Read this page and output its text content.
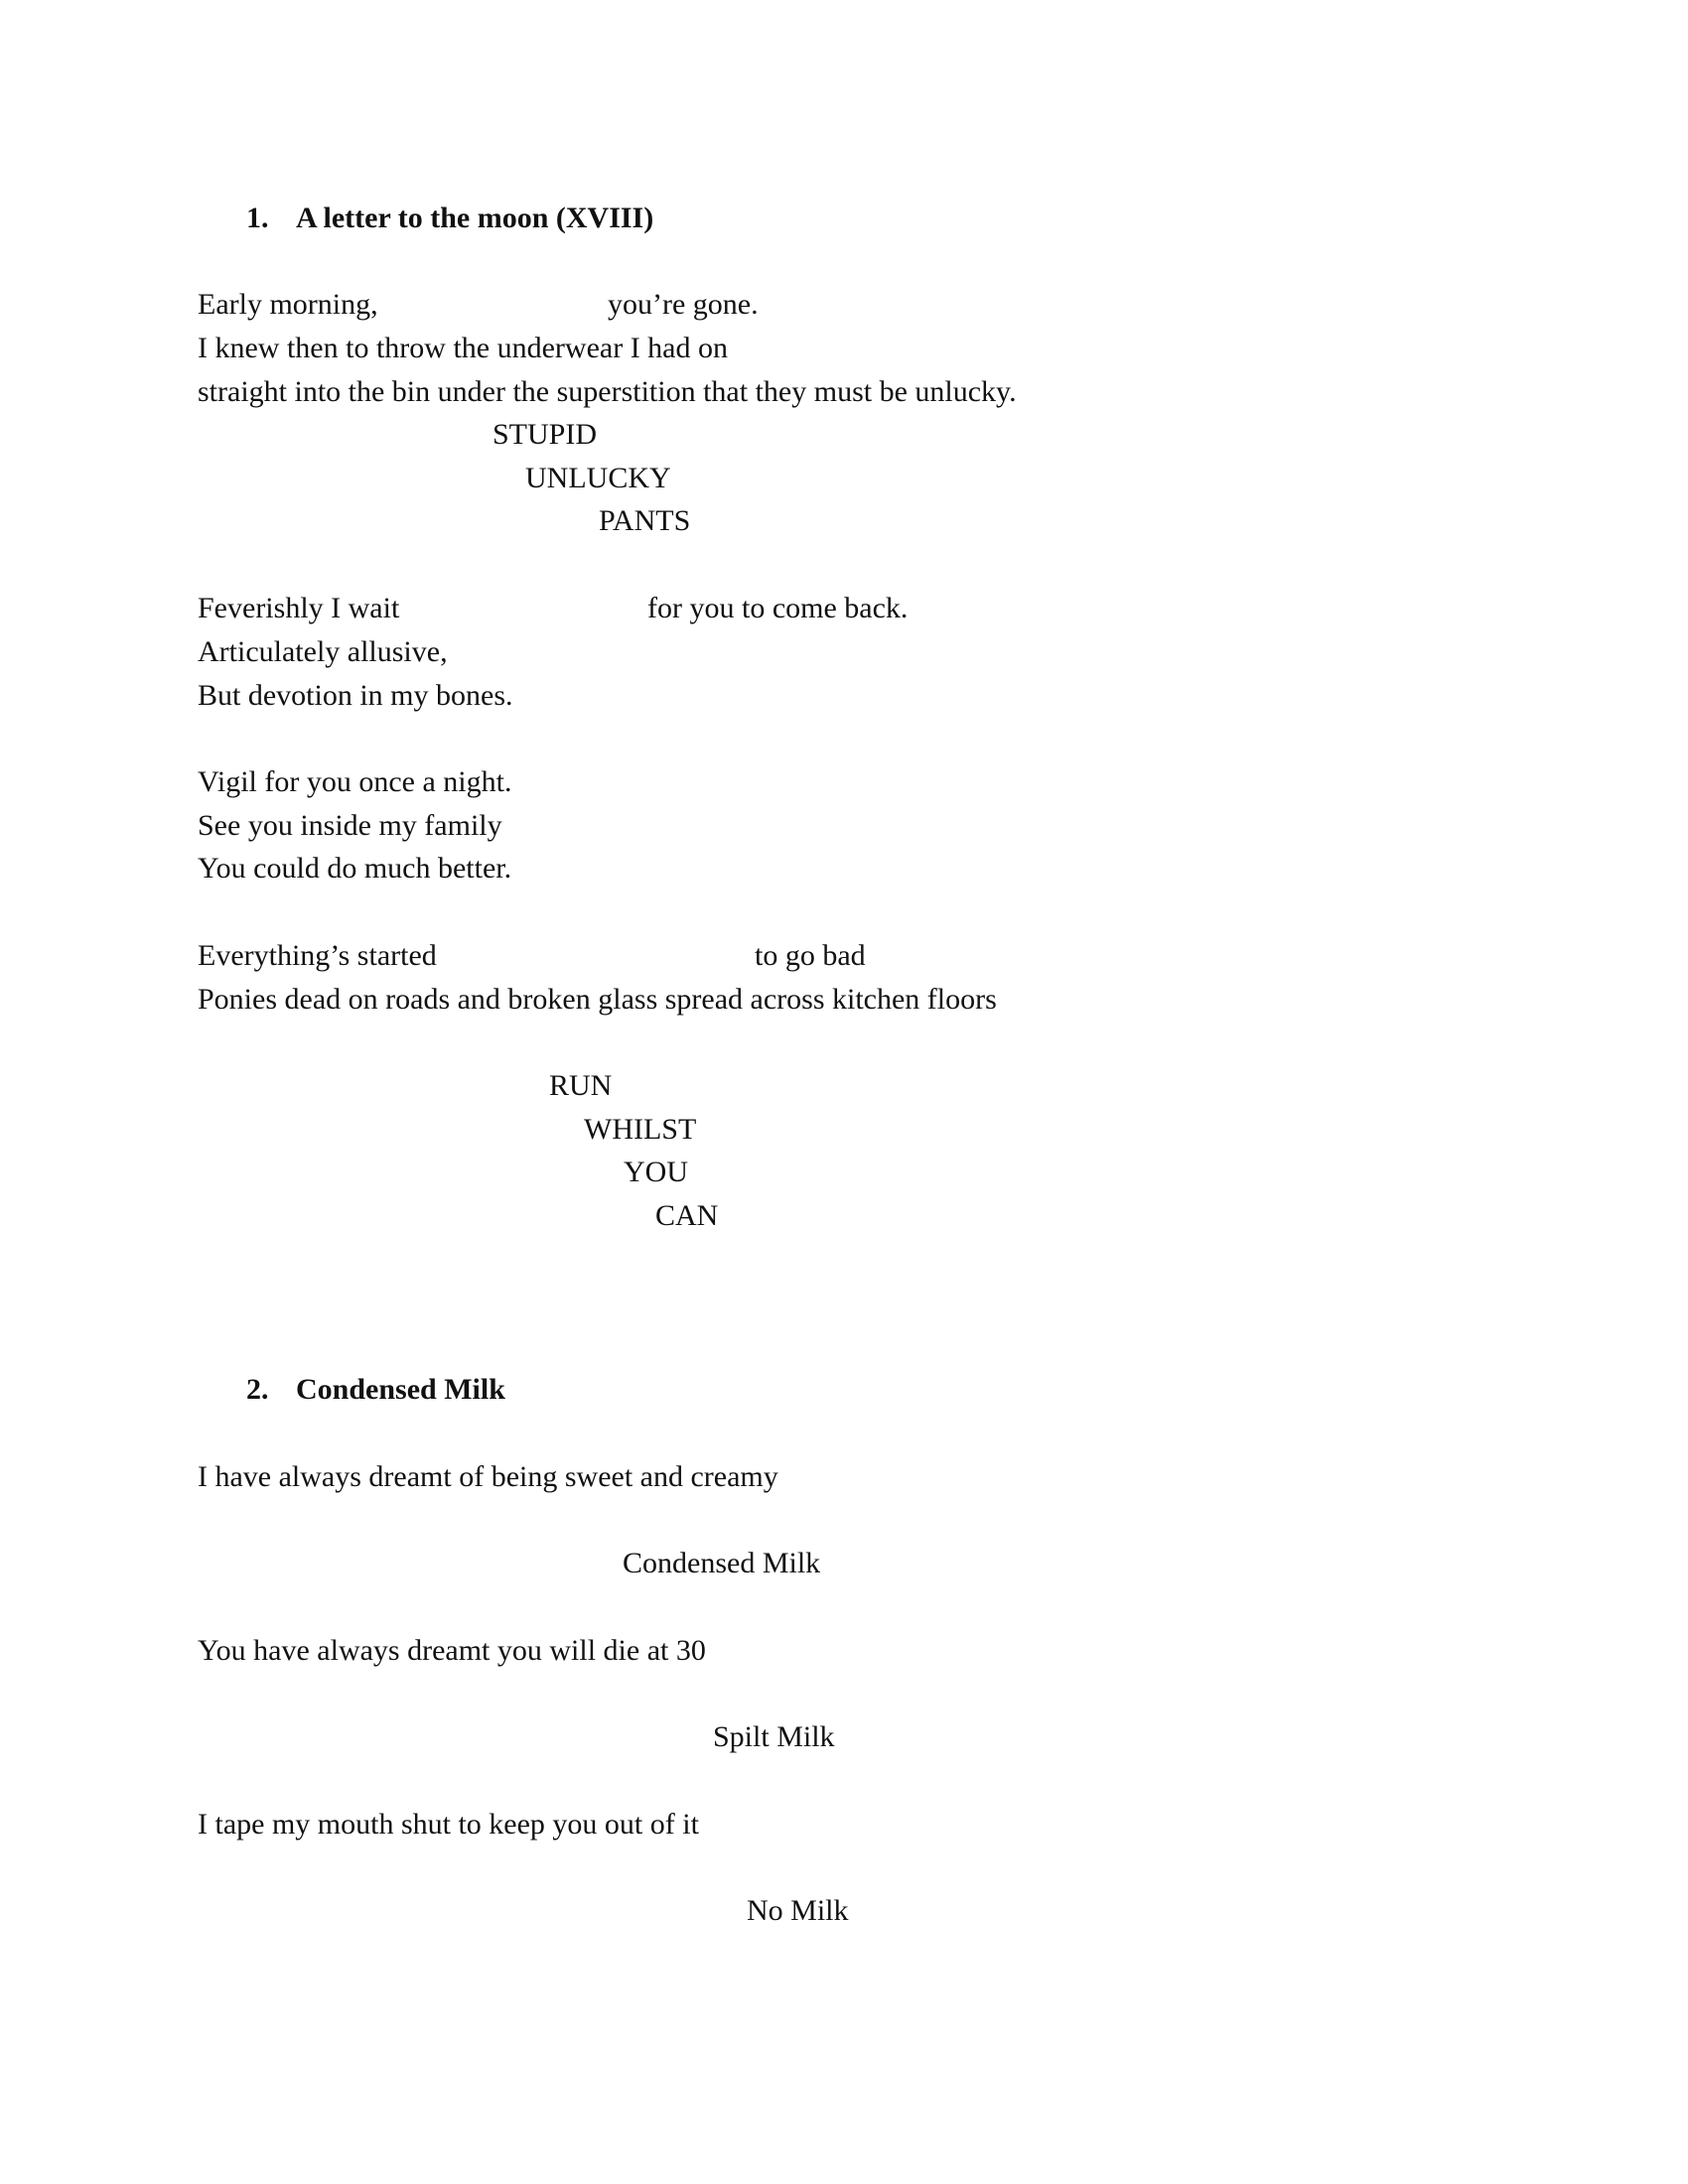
1. A letter to the moon (XVIII)
Early morning,	you’re gone.
I knew then to throw the underwear I had on
straight into the bin under the superstition that they must be unlucky.
STUPID
UNLUCKY
PANTS
Feverishly I wait	for you to come back.
Articulately allusive,
But devotion in my bones.
Vigil for you once a night.
See you inside my family
You could do much better.
Everything’s started	to go bad
Ponies dead on roads and broken glass spread across kitchen floors
RUN
WHILST
YOU
CAN
2. Condensed Milk
I have always dreamt of being sweet and creamy
Condensed Milk
You have always dreamt you will die at 30
Spilt Milk
I tape my mouth shut to keep you out of it
No Milk
